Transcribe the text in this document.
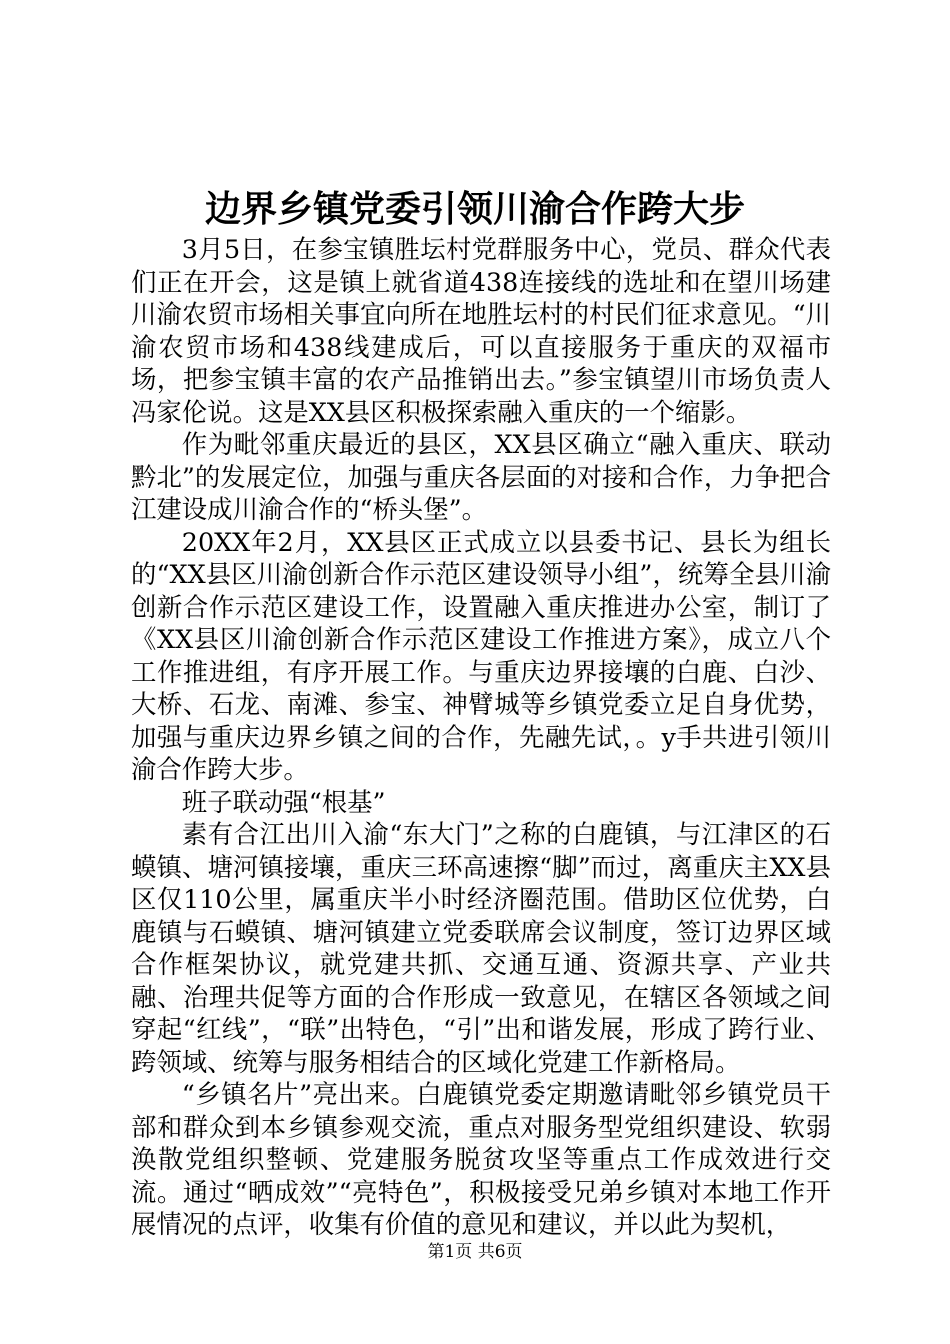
边界乡镇党委引领川渝合作跨大步

3月5日，在参宝镇胜坛村党群服务中心，党员、群众代表们正在开会，这是镇上就省道438连接线的选址和在望川场建川渝农贸市场相关事宜向所在地胜坛村的村民们征求意见。“川渝农贸市场和438线建成后，可以直接服务于重庆的双福市场，把参宝镇丰富的农产品推销出去。”参宝镇望川市场负责人冯家伦说。这是XX县区积极探索融入重庆的一个缩影。

作为毗邻重庆最近的县区，XX县区确立“融入重庆、联动黔北”的发展定位，加强与重庆各层面的对接和合作，力争把合江建设成川渝合作的“桥头堡”。

20XX年2月，XX县区正式成立以县委书记、县长为组长的“XX县区川渝创新合作示范区建设领导小组”，统筹全县川渝创新合作示范区建设工作，设置融入重庆推进办公室，制订了《XX县区川渝创新合作示范区建设工作推进方案》，成立八个工作推进组，有序开展工作。与重庆边界接壤的白鹿、白沙、大桥、石龙、南滩、参宝、神臂城等乡镇党委立足自身优势，加强与重庆边界乡镇之间的合作，先融先试，。y手共进引领川渝合作跨大步。

班子联动强“根基”

素有合江出川入渝“东大门”之称的白鹿镇，与江津区的石蟆镇、塘河镇接壤，重庆三环高速擦“脚”而过，离重庆主XX县区仅110公里，属重庆半小时经济圈范围。借助区位优势，白鹿镇与石蟆镇、塘河镇建立党委联席会议制度，签订边界区域合作框架协议，就党建共抓、交通互通、资源共享、产业共融、治理共促等方面的合作形成一致意见，在辖区各领域之间穿起“红线”，“联”出特色，“引”出和谐发展，形成了跨行业、跨领域、统筹与服务相结合的区域化党建工作新格局。

“乡镇名片”亮出来。白鹿镇党委定期邀请毗邻乡镇党员干部和群众到本乡镇参观交流，重点对服务型党组织建设、软弱涣散党组织整顿、党建服务脱贫攻坚等重点工作成效进行交流。通过“晒成效”“亮特色”，积极接受兄弟乡镇对本地工作开展情况的点评，收集有价值的意见和建议，并以此为契机，

第1页 共6页
